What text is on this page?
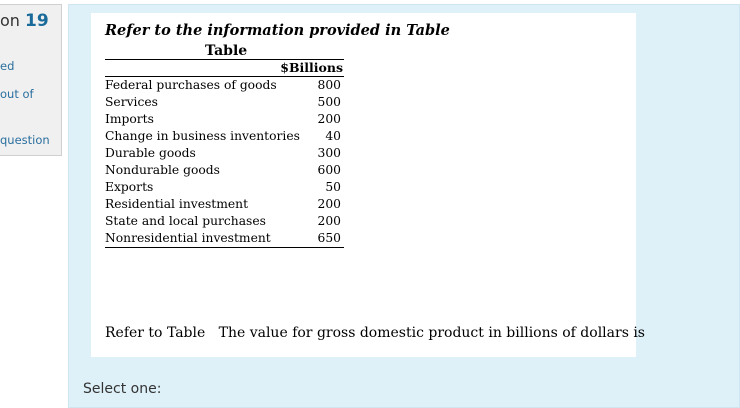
on 19
ed
out of
question
Refer to the information provided in Table
Table
$Billions	
Federal purchases of goods	800
Services	500
Imports	200
Change in business inventories	40
Durable goods	300
Nondurable goods	600
Exports	50
Residential investment	200
State and local purchases	200
Nonresidential investment	650
Refer to Table   The value for gross domestic product in billions of dollars is
Select one:
